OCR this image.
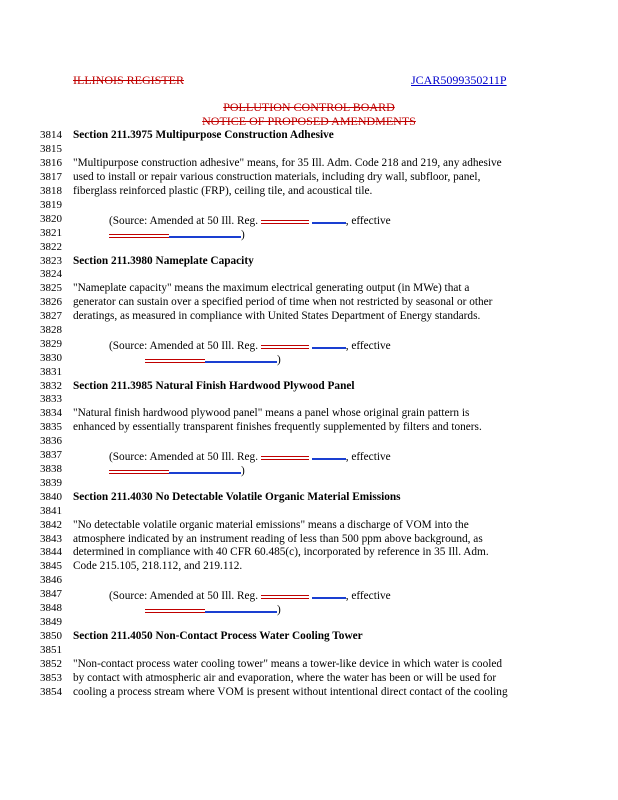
ILLINOIS REGISTER	JCAR5099350211P
POLLUTION CONTROL BOARD
NOTICE OF PROPOSED AMENDMENTS
3814
3815
3816
3817
3818
3819
3820
3821
3822
3823
3824
3825
3826
3827
3828
3829
3830
3831
3832
3833
3834
3835
3836
3837
3838
3839
3840
3841
3842
3843
3844
3845
3846
3847
3848
3849
3850
3851
3852
3853
3854
Section 211.3975 Multipurpose Construction Adhesive
"Multipurpose construction adhesive" means, for 35 Ill. Adm. Code 218 and 219, any adhesive
used to install or repair various construction materials, including dry wall, subfloor, panel,
fiberglass reinforced plastic (FRP), ceiling tile, and acoustical tile.
(Source: Amended at 50 Ill. Reg.	, effective
)
Section 211.3980 Nameplate Capacity
"Nameplate capacity" means the maximum electrical generating output (in MWe) that a
generator can sustain over a specified period of time when not restricted by seasonal or other
deratings, as measured in compliance with United States Department of Energy standards.
(Source: Amended at 50 Ill. Reg.	, effective
)
Section 211.3985 Natural Finish Hardwood Plywood Panel
"Natural finish hardwood plywood panel" means a panel whose original grain pattern is
enhanced by essentially transparent finishes frequently supplemented by filters and toners.
(Source: Amended at 50 Ill. Reg.	, effective
)
Section 211.4030 No Detectable Volatile Organic Material Emissions
"No detectable volatile organic material emissions" means a discharge of VOM into the
atmosphere indicated by an instrument reading of less than 500 ppm above background, as
determined in compliance with 40 CFR 60.485(c), incorporated by reference in 35 Ill. Adm.
Code 215.105, 218.112, and 219.112.
(Source: Amended at 50 Ill. Reg.	, effective
)
Section 211.4050 Non-Contact Process Water Cooling Tower
"Non-contact process water cooling tower" means a tower-like device in which water is cooled
by contact with atmospheric air and evaporation, where the water has been or will be used for
cooling a process stream where VOM is present without intentional direct contact of the cooling
